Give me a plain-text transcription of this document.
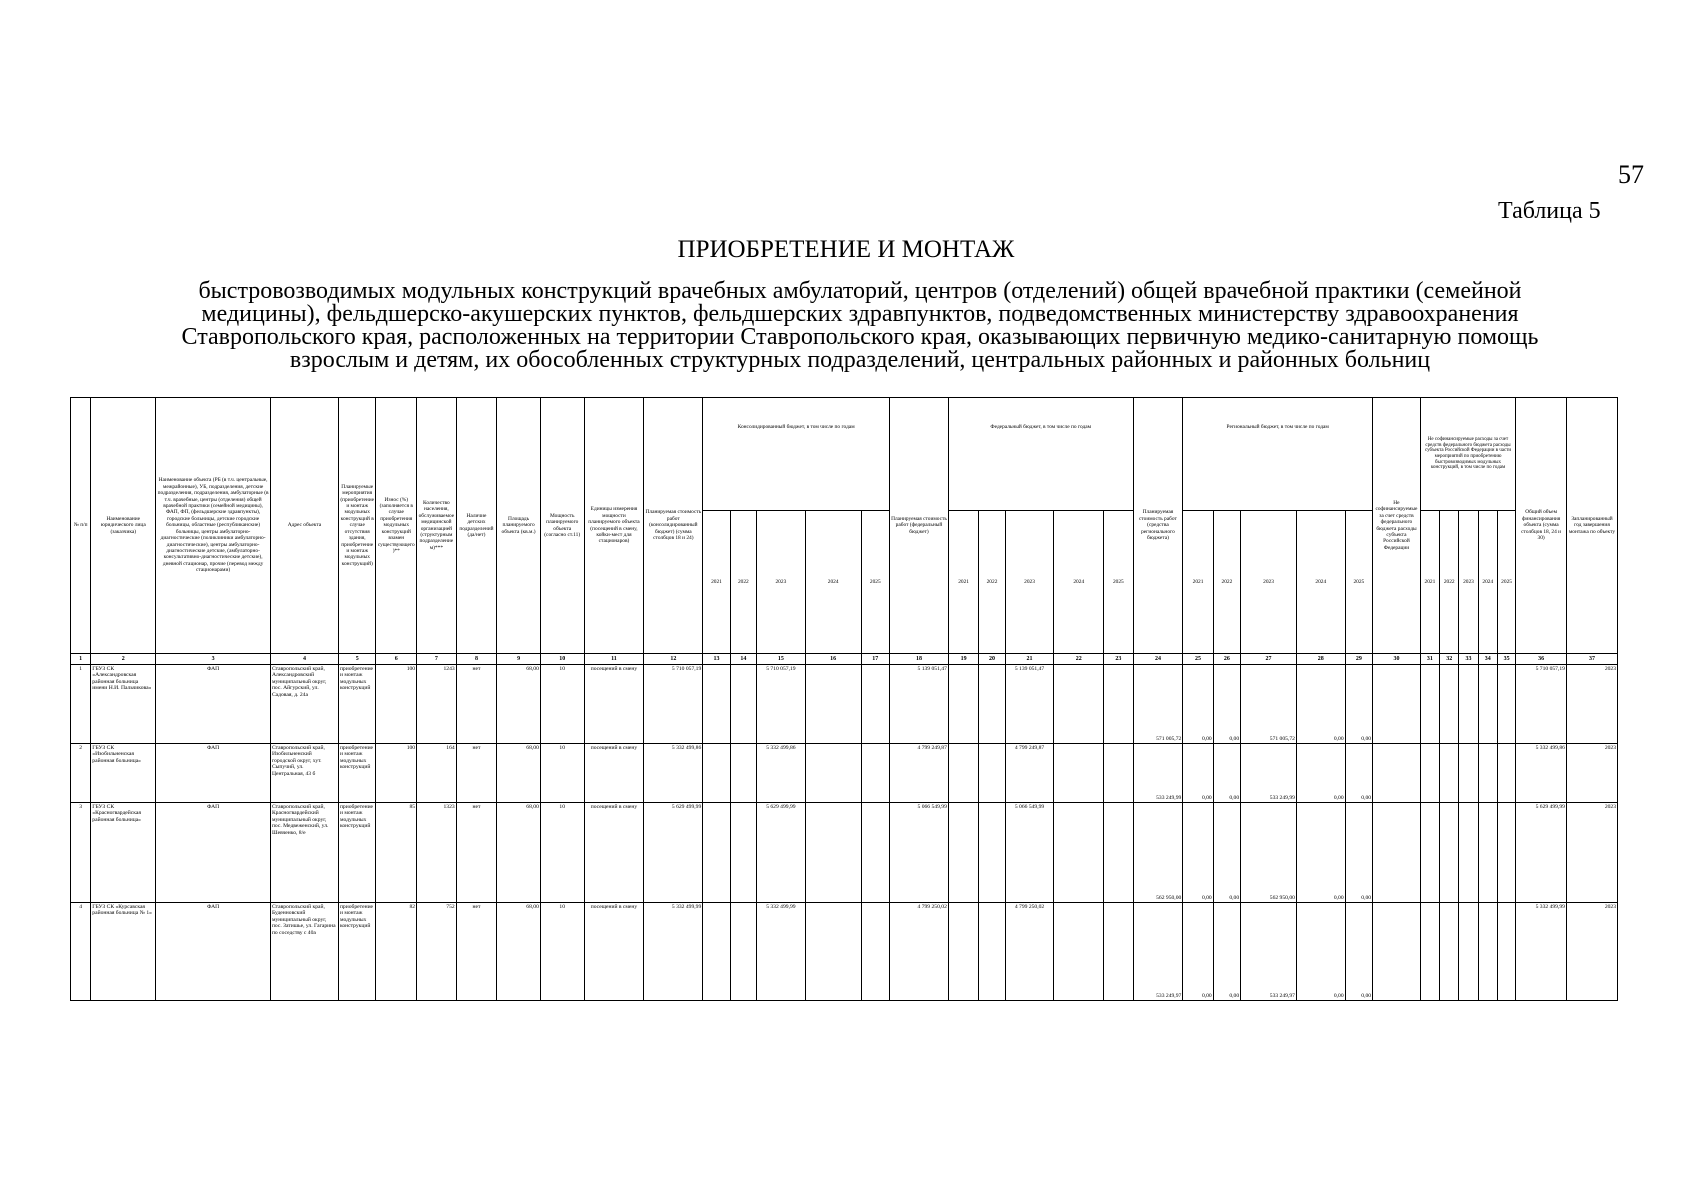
57
Таблица 5
ПРИОБРЕТЕНИЕ И МОНТАЖ
быстровозводимых модульных конструкций врачебных амбулаторий, центров (отделений) общей врачебной практики (семейной
медицины), фельдшерско-акушерских пунктов, фельдшерских здравпунктов, подведомственных министерству здравоохранения
Ставропольского края, расположенных на территории Ставропольского края, оказывающих первичную медико-санитарную помощь
взрослым и детям, их обособленных структурных подразделений, центральных районных и районных больниц
№ п/п	Наименование юридического лица (заказчика)	Наименование объекта (РБ (в т.ч. центральные, межрайонные), УБ, подразделения, детские подразделения, подразделения, амбулаторные (в т.ч. врачебные, центры (отделения) общей врачебной практики (семейной медицины), ФАП, ФП, (фельдшерские здравпункты), городские больницы, детские городские больницы, областные (республиканские) больницы, центры амбулаторно-диагностические (поликлиники амбулаторно-диагностические), центры амбулаторно-диагностические детские, (амбулаторно-консультативно-диагностические детские), дневной стационар, прочие (перевод между стационарами)	Адрес объекта	Планируемые мероприятия (приобретение и монтаж модульных конструкций в случае отсутствия здания, приобретение и монтаж модульных конструкций)	Износ (%) (заполняется в случае приобретения модульных конструкций взамен существующего)**	Количество населения, обслуживаемое медицинской организацией (структурным подразделением)***	Наличие детских подразделений (да/нет)	Площадь планируемого объекта (кв.м.)	Мощность планируемого объекта (согласно ст.11)	Единицы измерения мощности планируемого объекта (посещений в смену, койки-мест для стационаров)	Планируемая стоимость работ (консолидированный бюджет) (сумма столбцов 18 и 24)	Консолидированный бюджет, в том числе по годам					Планируемая стоимость работ (федеральный бюджет)	Федеральный бюджет, в том числе по годам					Планируемая стоимость работ (средства регионального бюджета)	Региональный бюджет, в том числе по годам					Не софинансируемые за счет средств федерального бюджета расходы субъекта Российской Федерации	Не софинансируемые расходы за счет средств федерального бюджета расходы субъекта Российской Федерации в части мероприятий по приобретению быстровозводимых модульных конструкций, в том числе по годам					Общий объем финансирования объекта (сумма столбцов 18, 24 и 30)	Запланированный год завершения монтажа по объекту
												2021	2022	2023	2024	2025		2021	2022	2023	2024	2025		2021	2022	2023	2024	2025		2021	2022	2023	2024	2025		
1	2	3	4	5	6	7	8	9	10	11	12	13	14	15	16	17	18	19	20	21	22	23	24	25	26	27	28	29	30	31	32	33	34	35	36	37
1	ГБУЗ СК «Александровская районная больница имени Н.И. Пальчикова»	ФАП	Ставропольский край, Александровский муниципальный округ, пос. Айгурский, ул. Садовая, д. 24а	приобретение и монтаж модульных конструкций	100	1243	нет	68,00	10	посещений в смену	5 710 057,19			5 710 057,19			5 139 051,47			5 139 051,47			571 005,72	0,00	0,00	571 005,72	0,00	0,00							5 710 057,19	2023
2	ГБУЗ СК «Изобильненская районная больница»	ФАП	Ставропольский край, Изобильненский городской округ, хут. Сыпучий, ул. Центральная, 43 б	приобретение и монтаж модульных конструкций	100	164	нет	68,00	10	посещений в смену	5 332 499,86			5 332 499,86			4 799 249,87			4 799 249,87			533 249,99	0,00	0,00	533 249,99	0,00	0,00							5 332 499,86	2023
3	ГБУЗ СК «Красногвардейская районная больница»	ФАП	Ставропольский край, Красногвардейский муниципальный округ, пос. Медвеженский, ул. Шевченко, 8/е	приобретение и монтаж модульных конструкций	85	1323	нет	68,00	10	посещений в смену	5 629 499,99			5 629 499,99			5 066 549,99			5 066 549,99			562 950,00	0,00	0,00	562 950,00	0,00	0,00							5 629 499,99	2023
4	ГБУЗ СК «Курсавская районная больница № 1»	ФАП	Ставропольский край, Буденновский муниципальный округ, пос. Затишье, ул. Гагарина по соседству с 40а	приобретение и монтаж модульных конструкций	82	752	нет	68,00	10	посещений в смену	5 332 499,99			5 332 499,99			4 799 250,02			4 799 250,02			533 249,97	0,00	0,00	533 249,97	0,00	0,00							5 332 499,99	2023
